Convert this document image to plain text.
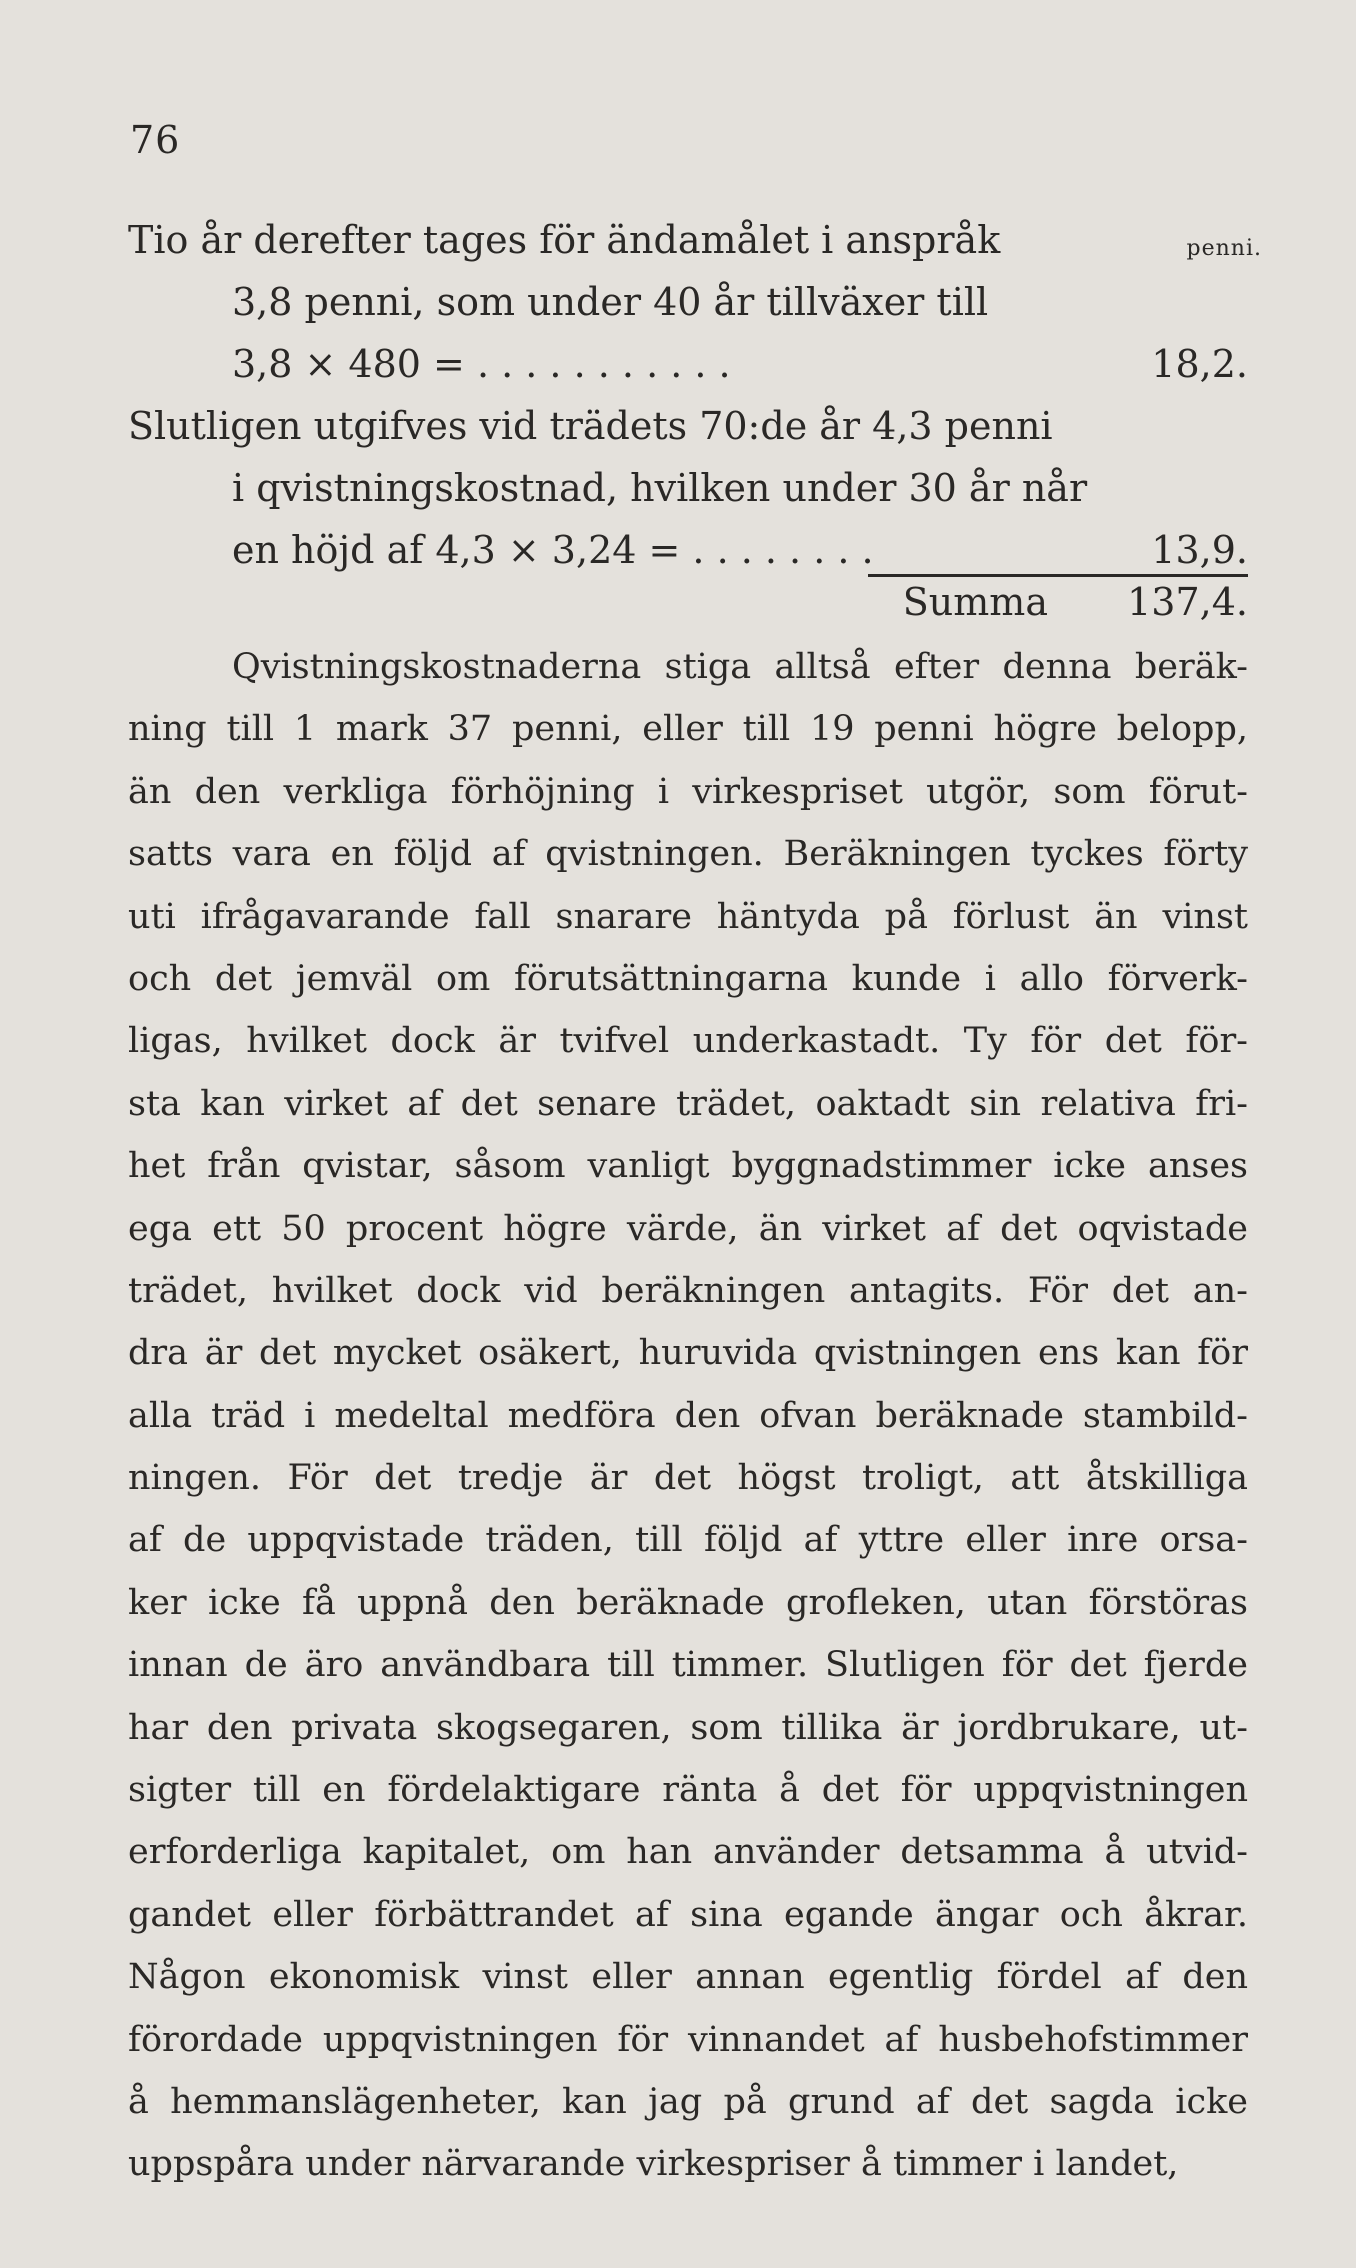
76
Tio år derefter tages för ändamålet i anspråk	penni.
3,8 penni, som under 40 år tillväxer till
3,8 × 480 = . . . . . . . . . . .	18,2.
Slutligen utgifves vid trädets 70:de år 4,3 penni
i qvistningskostnad, hvilken under 30 år når
en höjd af 4,3 × 3,24 = . . . . . . . .	13,9.
Summa 137,4.
Qvistningskostnaderna stiga alltså efter denna beräk-
ning till 1 mark 37 penni, eller till 19 penni högre belopp,
än den verkliga förhöjning i virkespriset utgör, som förut-
satts vara en följd af qvistningen. Beräkningen tyckes förty
uti ifrågavarande fall snarare häntyda på förlust än vinst
och det jemväl om förutsättningarna kunde i allo förverk-
ligas, hvilket dock är tvifvel underkastadt. Ty för det för-
sta kan virket af det senare trädet, oaktadt sin relativa fri-
het från qvistar, såsom vanligt byggnadstimmer icke anses
ega ett 50 procent högre värde, än virket af det oqvistade
trädet, hvilket dock vid beräkningen antagits. För det an-
dra är det mycket osäkert, huruvida qvistningen ens kan för
alla träd i medeltal medföra den ofvan beräknade stambild-
ningen. För det tredje är det högst troligt, att åtskilliga
af de uppqvistade träden, till följd af yttre eller inre orsa-
ker icke få uppnå den beräknade grofleken, utan förstöras
innan de äro användbara till timmer. Slutligen för det fjerde
har den privata skogsegaren, som tillika är jordbrukare, ut-
sigter till en fördelaktigare ränta å det för uppqvistningen
erforderliga kapitalet, om han använder detsamma å utvid-
gandet eller förbättrandet af sina egande ängar och åkrar.
Någon ekonomisk vinst eller annan egentlig fördel af den
förordade uppqvistningen för vinnandet af husbehofstimmer
å hemmanslägenheter, kan jag på grund af det sagda icke
uppspåra under närvarande virkespriser å timmer i landet,
